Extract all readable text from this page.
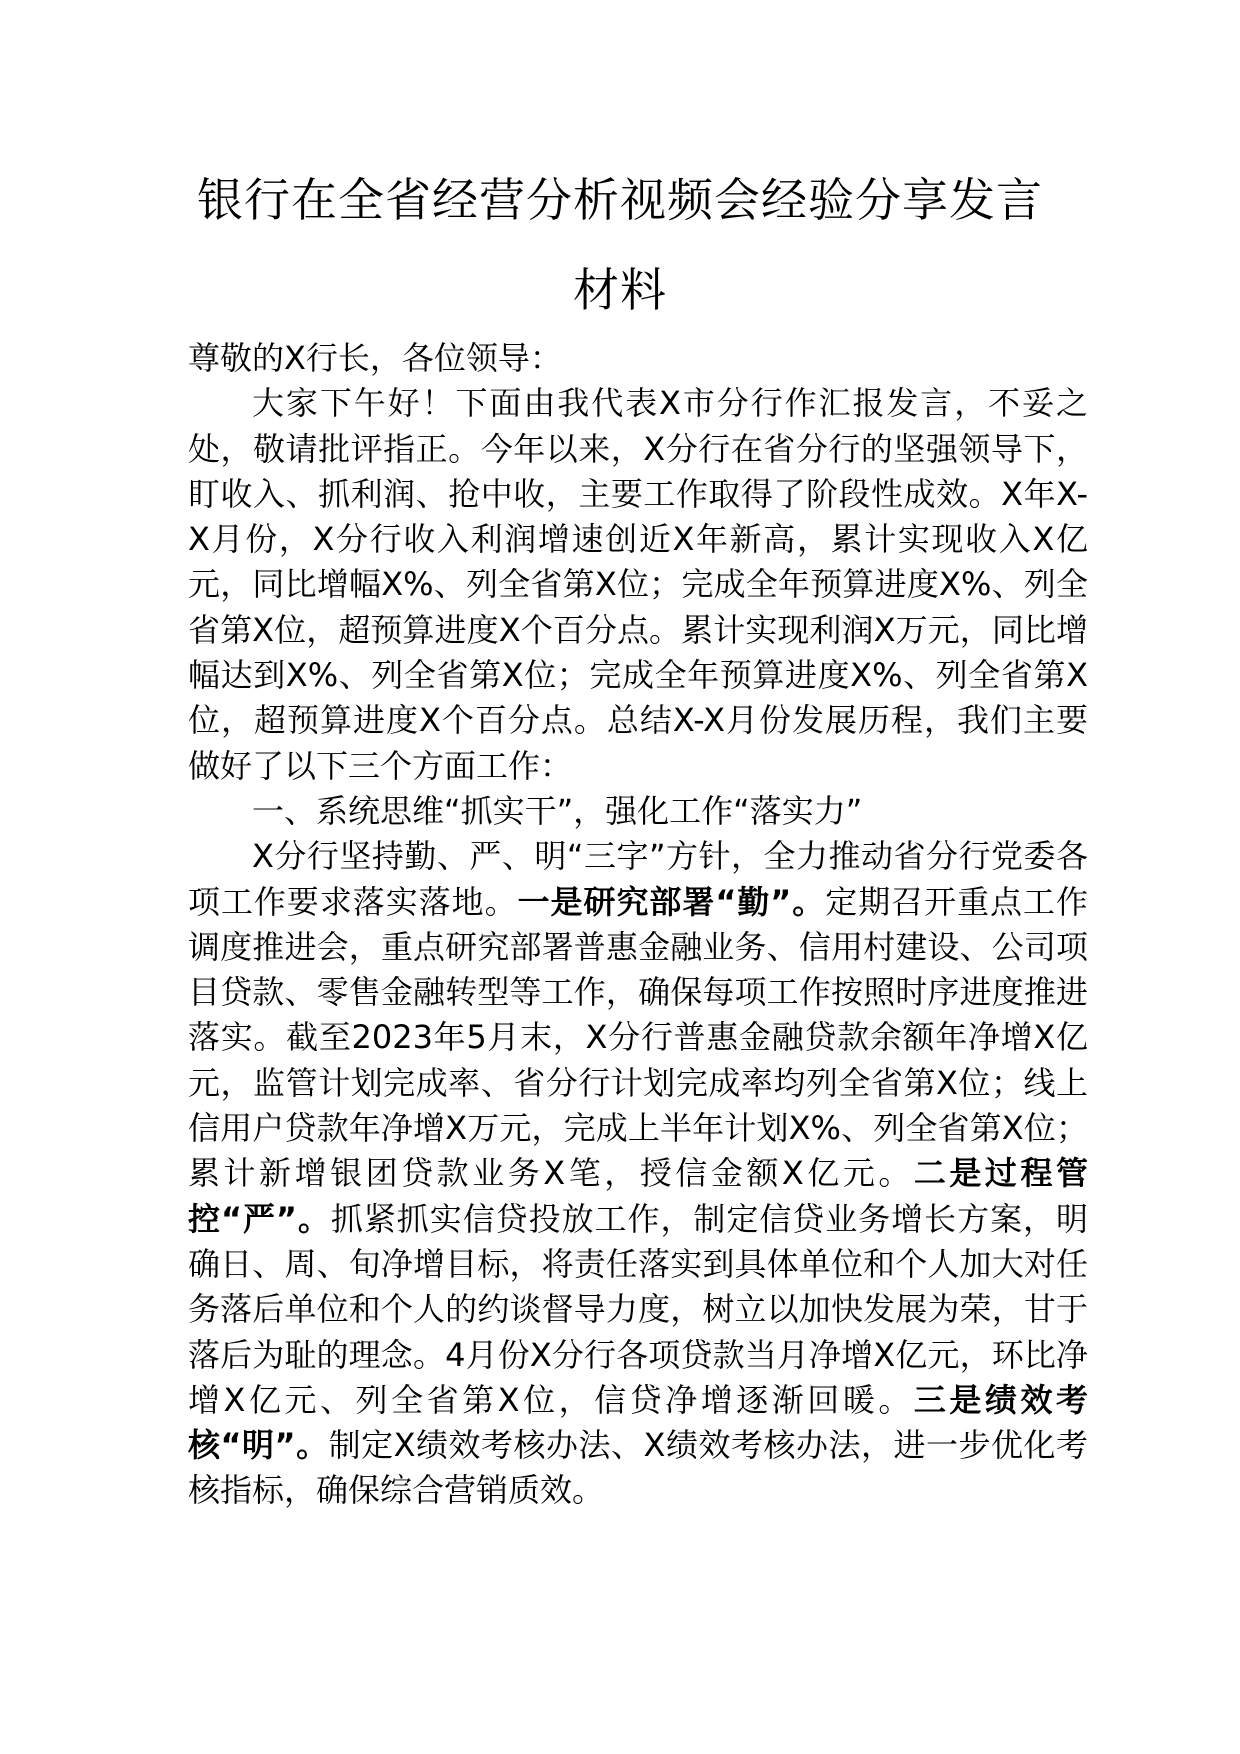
银行在全省经营分析视频会经验分享发言
材料

尊敬的X行长，各位领导：

大家下午好！下面由我代表X市分行作汇报发言，不妥之处，敬请批评指正。今年以来，X分行在省分行的坚强领导下，盯收入、抓利润、抢中收，主要工作取得了阶段性成效。X年X-X月份，X分行收入利润增速创近X年新高，累计实现收入X亿元，同比增幅X%、列全省第X位；完成全年预算进度X%、列全省第X位，超预算进度X个百分点。累计实现利润X万元，同比增幅达到X%、列全省第X位；完成全年预算进度X%、列全省第X位，超预算进度X个百分点。总结X-X月份发展历程，我们主要做好了以下三个方面工作：

一、系统思维“抓实干”，强化工作“落实力”

X分行坚持勤、严、明“三字”方针，全力推动省分行党委各项工作要求落实落地。一是研究部署“勤”。定期召开重点工作调度推进会，重点研究部署普惠金融业务、信用村建设、公司项目贷款、零售金融转型等工作，确保每项工作按照时序进度推进落实。截至2023年5月末，X分行普惠金融贷款余额年净增X亿元，监管计划完成率、省分行计划完成率均列全省第X位；线上信用户贷款年净增X万元，完成上半年计划X%、列全省第X位；累计新增银团贷款业务X笔，授信金额X亿元。二是过程管控“严”。抓紧抓实信贷投放工作，制定信贷业务增长方案，明确日、周、旬净增目标，将责任落实到具体单位和个人加大对任务落后单位和个人的约谈督导力度，树立以加快发展为荣，甘于落后为耻的理念。4月份X分行各项贷款当月净增X亿元，环比净增X亿元、列全省第X位，信贷净增逐渐回暖。三是绩效考核“明”。制定X绩效考核办法、X绩效考核办法，进一步优化考核指标，确保综合营销质效。
